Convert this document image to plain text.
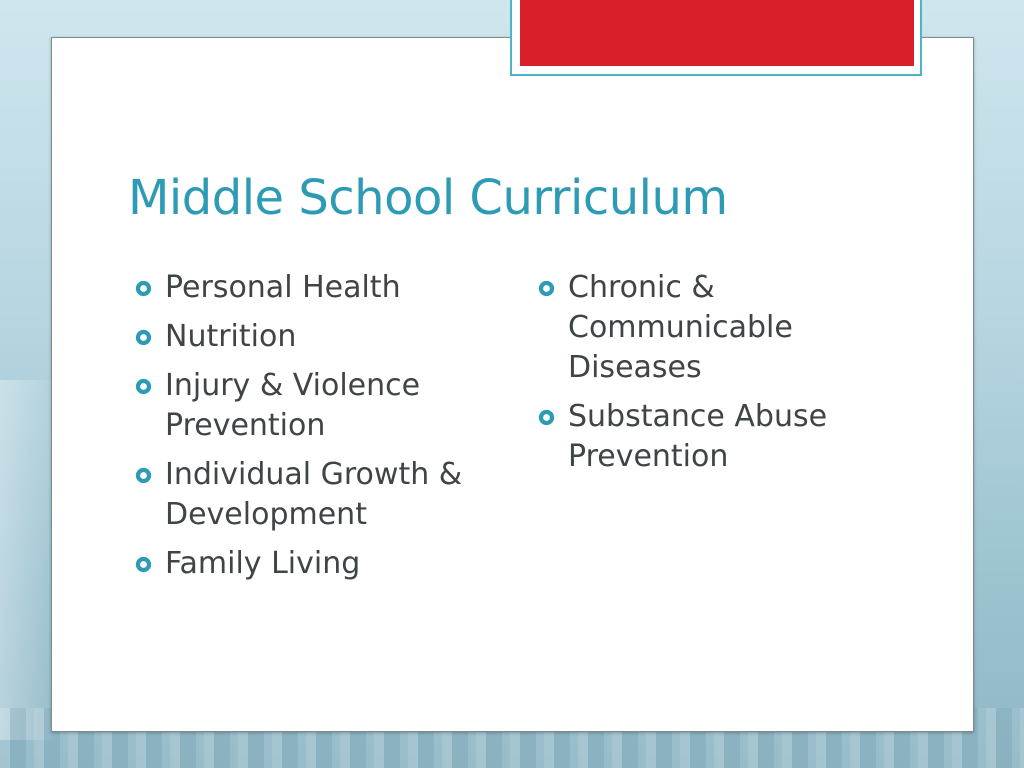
Middle School Curriculum
Personal Health
Nutrition
Injury & Violence Prevention
Individual Growth & Development
Family Living
Chronic & Communicable Diseases
Substance Abuse Prevention
